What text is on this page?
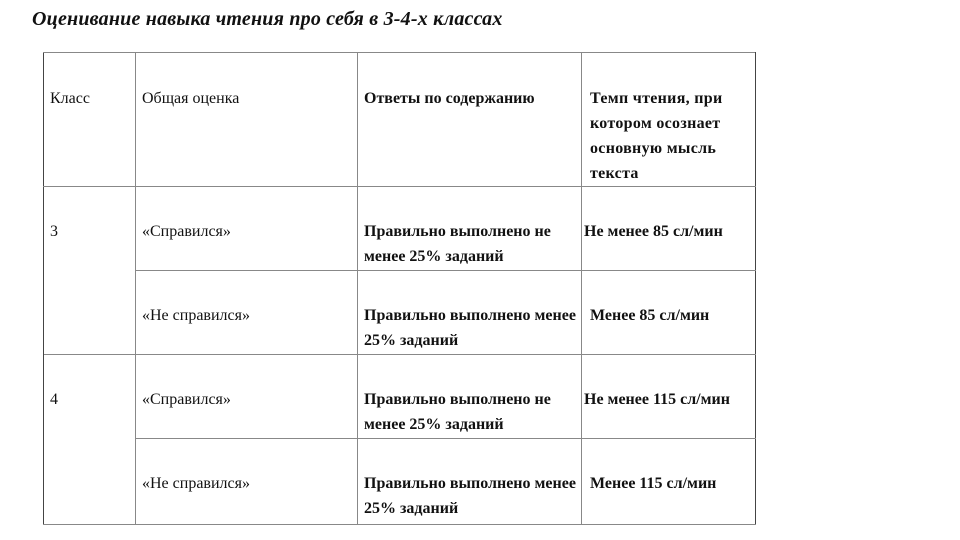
Оценивание навыка чтения про себя в 3-4-х классах
Класс	Общая оценка	Ответы по содержанию	Темп чтения, при котором осознает основную мысль текста

3	«Справился»	Правильно выполнено не менее 25% заданий	Не менее 85 сл/мин

	«Не справился»	Правильно выполнено менее 25% заданий	Менее 85 сл/мин

4	«Справился»	Правильно выполнено не менее 25% заданий	Не менее 115 сл/мин

	«Не справился»	Правильно выполнено менее 25% заданий	Менее 115 сл/мин
